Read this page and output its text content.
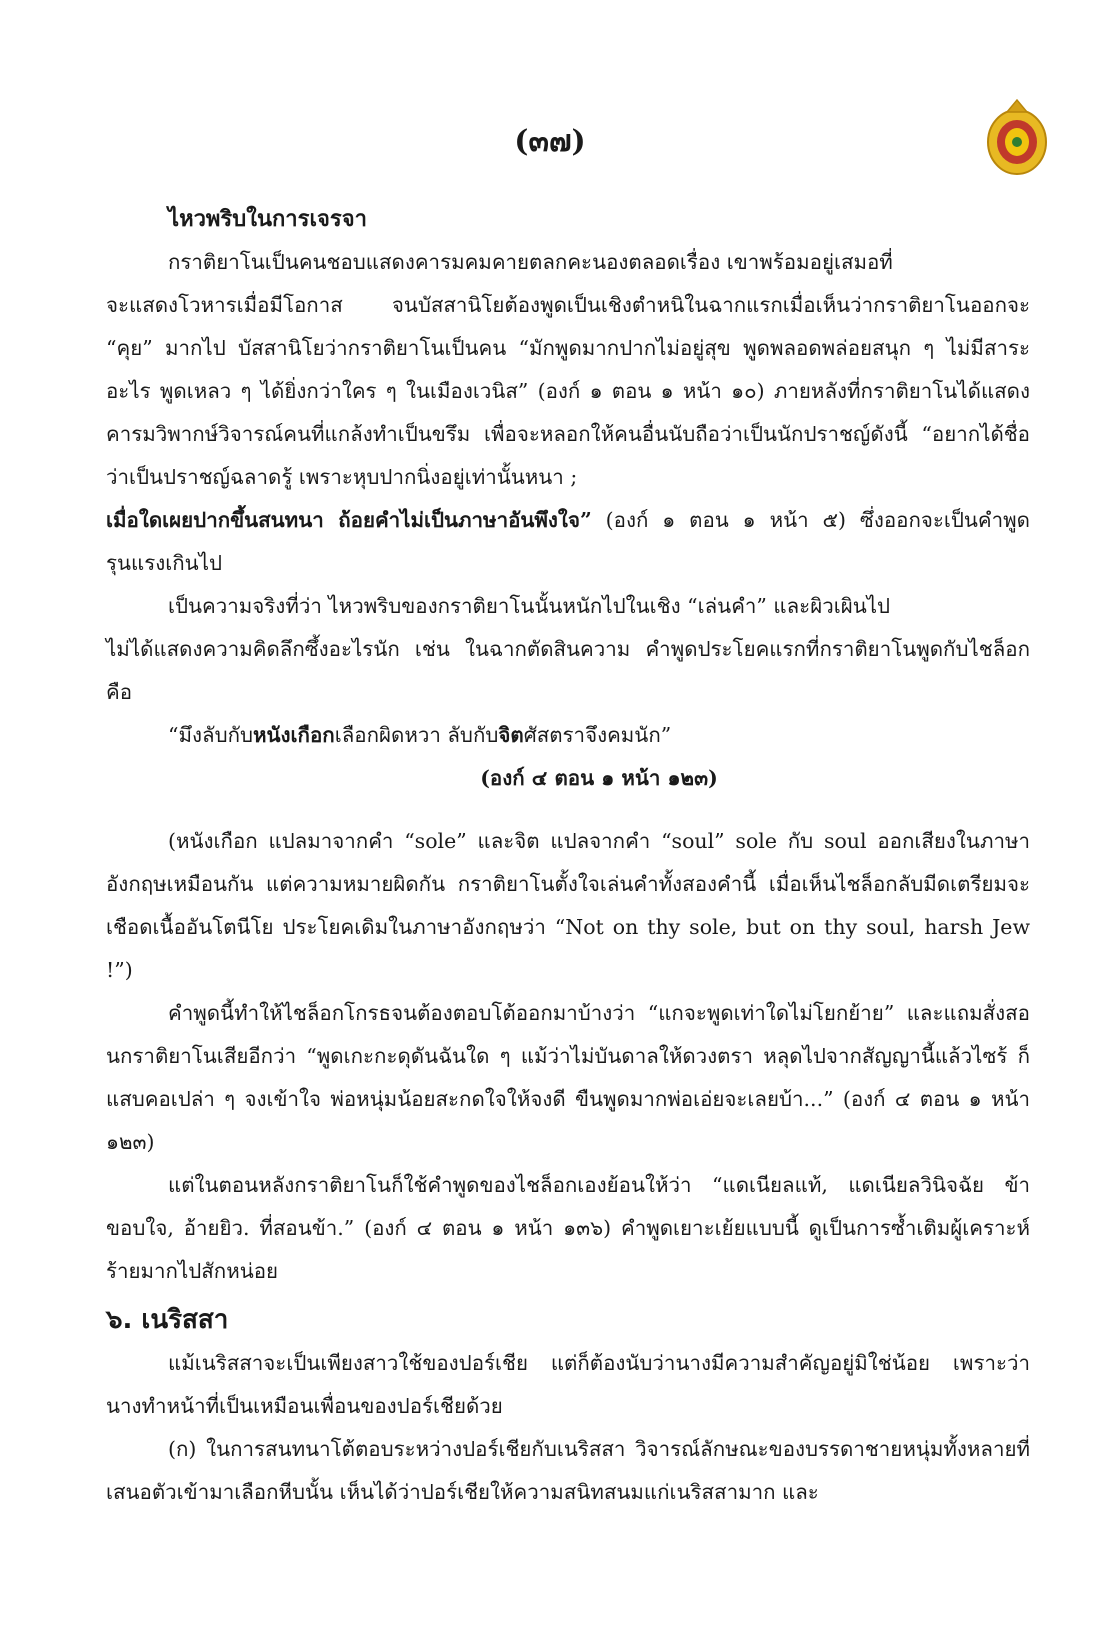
(๓๗)

ไหวพริบในการเจรจา

กราติยาโนเป็นคนชอบแสดงคารมคมคายตลกคะนองตลอดเรื่อง เขาพร้อมอยู่เสมอที่

จะแสดงโวหารเมื่อมีโอกาส จนบัสสานิโยต้องพูดเป็นเชิงตำหนิในฉากแรกเมื่อเห็นว่ากราติยาโนออกจะ “คุย” มากไป บัสสานิโยว่ากราติยาโนเป็นคน “มักพูดมากปากไม่อยู่สุข พูดพลอดพล่อยสนุก ๆ ไม่มีสาระอะไร พูดเหลว ๆ ได้ยิ่งกว่าใคร ๆ ในเมืองเวนิส” (องก์ ๑ ตอน ๑ หน้า ๑๐) ภายหลังที่กราติยาโนได้แสดงคารมวิพากษ์วิจารณ์คนที่แกล้งทำเป็นขรึม เพื่อจะหลอกให้คนอื่นนับถือว่าเป็นนักปราชญ์ดังนี้ “อยากได้ชื่อว่าเป็นปราชญ์ฉลาดรู้ เพราะหุบปากนิ่งอยู่เท่านั้นหนา ;
เมื่อใดเผยปากขึ้นสนทนา ถ้อยคำไม่เป็นภาษาอันพึงใจ” (องก์ ๑ ตอน ๑ หน้า ๕) ซึ่งออกจะเป็นคำพูดรุนแรงเกินไป

เป็นความจริงที่ว่า ไหวพริบของกราติยาโนนั้นหนักไปในเชิง “เล่นคำ” และผิวเผินไป

ไม่ได้แสดงความคิดลึกซึ้งอะไรนัก เช่น ในฉากตัดสินความ คำพูดประโยคแรกที่กราติยาโนพูดกับไชล็อก คือ

“มึงลับกับหนังเกือกเลือกผิดหวา ลับกับจิตศัสตราจึงคมนัก”

(องก์ ๔ ตอน ๑ หน้า ๑๒๓)

(หนังเกือก แปลมาจากคำ “sole” และจิต แปลจากคำ “soul” sole กับ soul ออกเสียงในภาษาอังกฤษเหมือนกัน แต่ความหมายผิดกัน กราติยาโนตั้งใจเล่นคำทั้งสองคำนี้ เมื่อเห็นไชล็อกลับมีดเตรียมจะเชือดเนื้ออันโตนีโย ประโยคเดิมในภาษาอังกฤษว่า “Not on thy sole, but on thy soul, harsh Jew !”)

คำพูดนี้ทำให้ไชล็อกโกรธจนต้องตอบโต้ออกมาบ้างว่า “แกจะพูดเท่าใดไม่โยกย้าย” และแถมสั่งสอนกราติยาโนเสียอีกว่า “พูดเกะกะดุดันฉันใด ๆ แม้ว่าไม่บันดาลให้ดวงตรา หลุดไปจากสัญญานี้แล้วไซร้ ก็แสบคอเปล่า ๆ จงเข้าใจ พ่อหนุ่มน้อยสะกดใจให้จงดี ขืนพูดมากพ่อเอ่ยจะเลยบ้า...” (องก์ ๔ ตอน ๑ หน้า ๑๒๓)

แต่ในตอนหลังกราติยาโนก็ใช้คำพูดของไชล็อกเองย้อนให้ว่า “แดเนียลแท้, แดเนียลวินิจฉัย ข้าขอบใจ, อ้ายยิว. ที่สอนข้า.” (องก์ ๔ ตอน ๑ หน้า ๑๓๖) คำพูดเยาะเย้ยแบบนี้ ดูเป็นการซ้ำเติมผู้เคราะห์ร้ายมากไปสักหน่อย

๖. เนริสสา

แม้เนริสสาจะเป็นเพียงสาวใช้ของปอร์เชีย แต่ก็ต้องนับว่านางมีความสำคัญอยู่มิใช่น้อย เพราะว่านางทำหน้าที่เป็นเหมือนเพื่อนของปอร์เชียด้วย

(ก) ในการสนทนาโต้ตอบระหว่างปอร์เชียกับเนริสสา วิจารณ์ลักษณะของบรรดาชายหนุ่มทั้งหลายที่เสนอตัวเข้ามาเลือกหีบนั้น เห็นได้ว่าปอร์เชียให้ความสนิทสนมแก่เนริสสามาก และ
